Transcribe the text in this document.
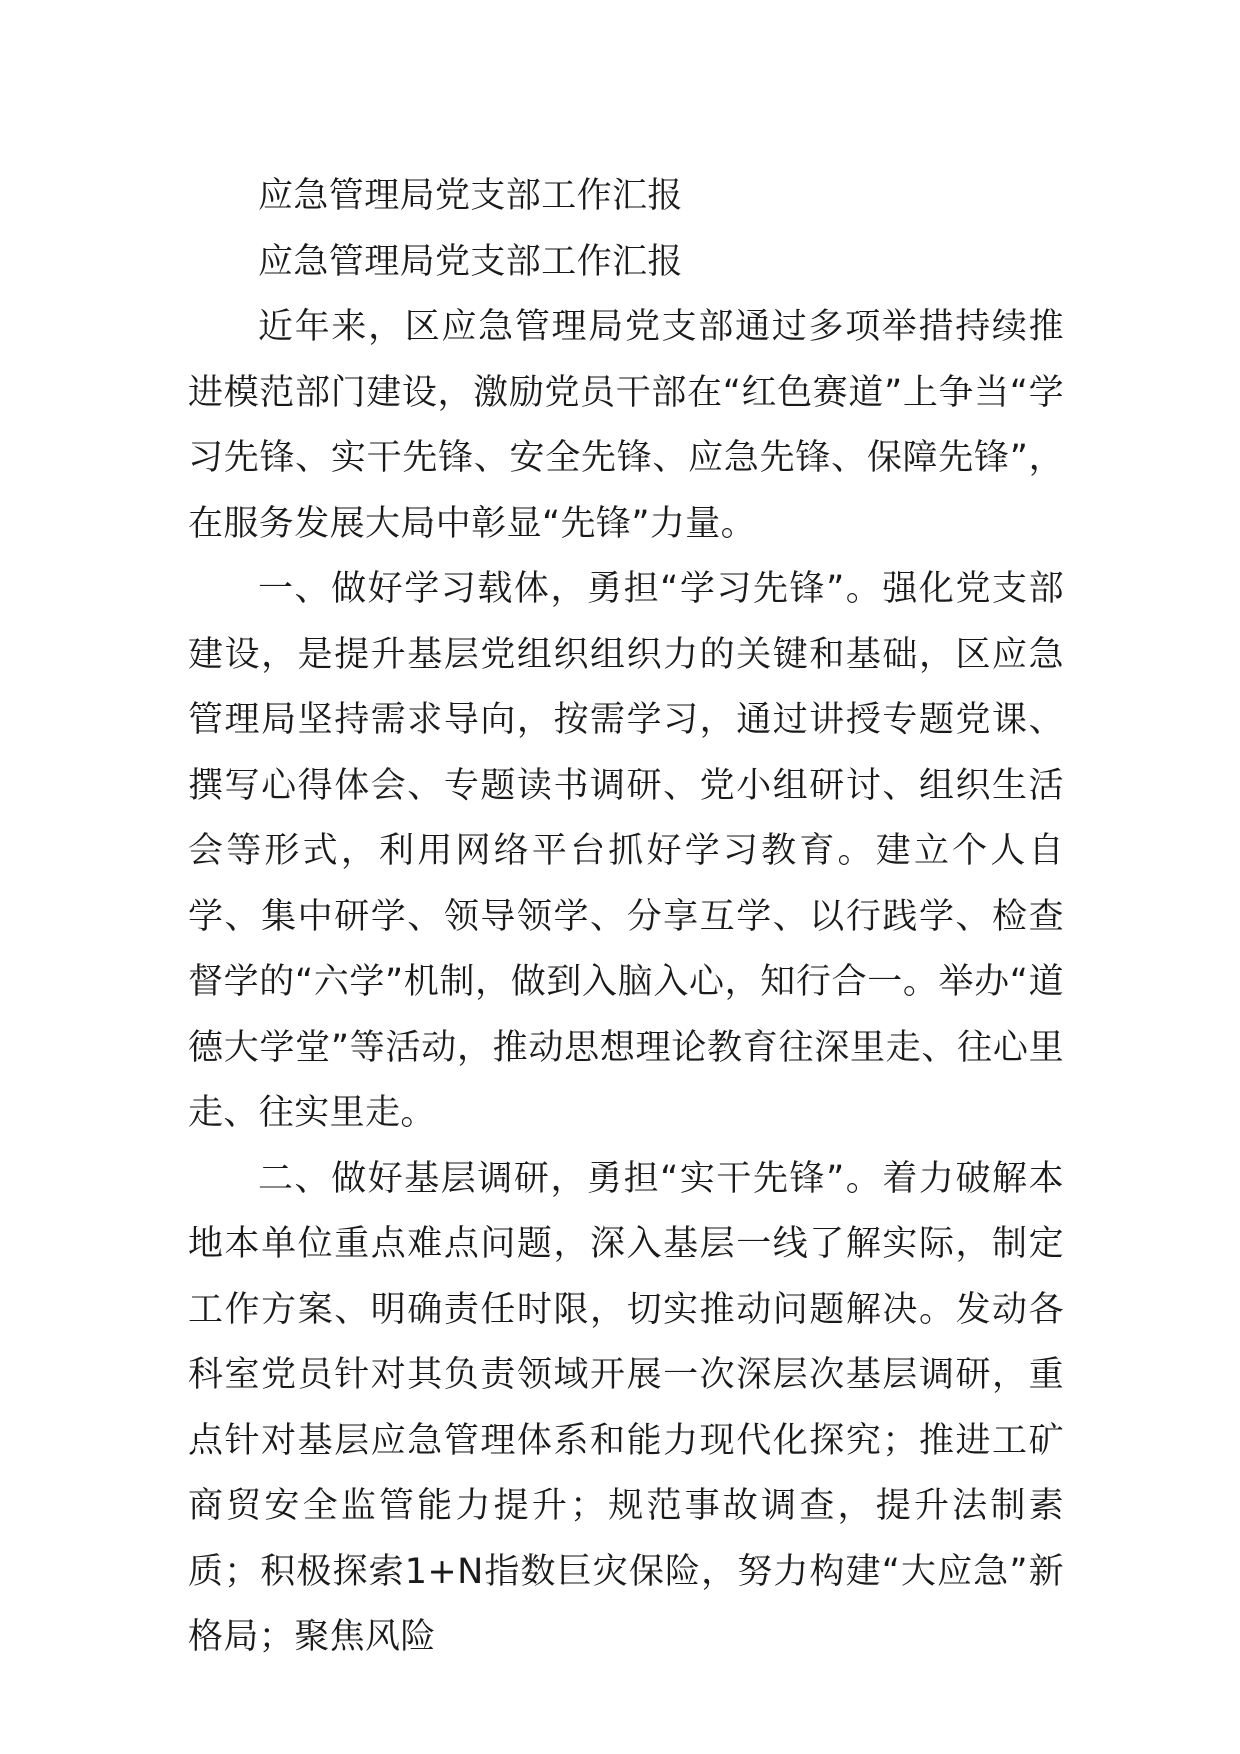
应急管理局党支部工作汇报

应急管理局党支部工作汇报

近年来，区应急管理局党支部通过多项举措持续推进模范部门建设，激励党员干部在“红色赛道”上争当“学习先锋、实干先锋、安全先锋、应急先锋、保障先锋”，在服务发展大局中彰显“先锋”力量。

一、做好学习载体，勇担“学习先锋”。强化党支部建设，是提升基层党组织组织力的关键和基础，区应急管理局坚持需求导向，按需学习，通过讲授专题党课、撰写心得体会、专题读书调研、党小组研讨、组织生活会等形式，利用网络平台抓好学习教育。建立个人自学、集中研学、领导领学、分享互学、以行践学、检查督学的“六学”机制，做到入脑入心，知行合一。举办“道德大学堂”等活动，推动思想理论教育往深里走、往心里走、往实里走。

二、做好基层调研，勇担“实干先锋”。着力破解本地本单位重点难点问题，深入基层一线了解实际，制定工作方案、明确责任时限，切实推动问题解决。发动各科室党员针对其负责领域开展一次深层次基层调研，重点针对基层应急管理体系和能力现代化探究；推进工矿商贸安全监管能力提升；规范事故调查，提升法制素质；积极探索1+N指数巨灾保险，努力构建“大应急”新格局；聚焦风险
